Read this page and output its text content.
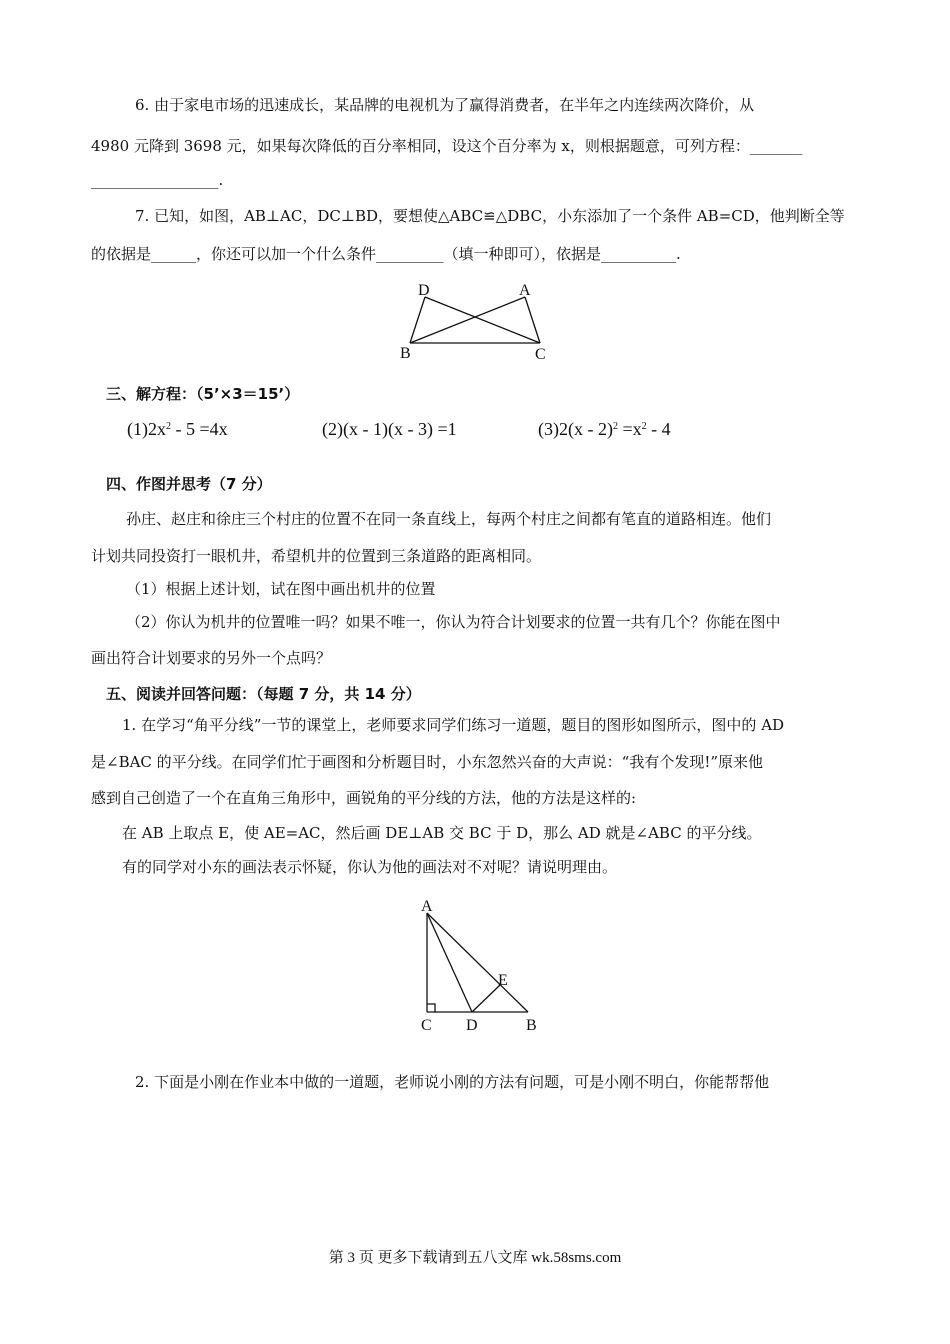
6. 由于家电市场的迅速成长，某品牌的电视机为了赢得消费者，在半年之内连续两次降价，从
4980 元降到 3698 元，如果每次降低的百分率相同，设这个百分率为 x，则根据题意，可列方程：_______
_________________.
7. 已知，如图，AB⊥AC，DC⊥BD，要想使△ABC≌△DBC，小东添加了一个条件 AB=CD，他判断全等
的依据是______，你还可以加一个什么条件_________（填一种即可），依据是__________.
D	A
B	C
三、解方程：（5’×3＝15’）
$(1)2x^2 - 5 =4x$	(2)(x - 1)(x - 3) =1	$(3)2(x - 2)^2 =x^2 - 4$
四、作图并思考（7 分）
孙庄、赵庄和徐庄三个村庄的位置不在同一条直线上，每两个村庄之间都有笔直的道路相连。他们
计划共同投资打一眼机井，希望机井的位置到三条道路的距离相同。
（1）根据上述计划，试在图中画出机井的位置
（2）你认为机井的位置唯一吗？如果不唯一，你认为符合计划要求的位置一共有几个？你能在图中
画出符合计划要求的另外一个点吗？
五、阅读并回答问题：（每题 7 分，共 14 分）
1. 在学习“角平分线”一节的课堂上，老师要求同学们练习一道题，题目的图形如图所示，图中的 AD
是∠BAC 的平分线。在同学们忙于画图和分析题目时，小东忽然兴奋的大声说：“我有个发现!”原来他
感到自己创造了一个在直角三角形中，画锐角的平分线的方法，他的方法是这样的:
在 AB 上取点 E，使 AE=AC，然后画 DE⊥AB 交 BC 于 D，那么 AD 就是∠ABC 的平分线。
有的同学对小东的画法表示怀疑，你认为他的画法对不对呢？请说明理由。
A
E
C D	B
2. 下面是小刚在作业本中做的一道题，老师说小刚的方法有问题，可是小刚不明白，你能帮帮他
第 3 页 更多下载请到五八文库 wk.58sms.com
